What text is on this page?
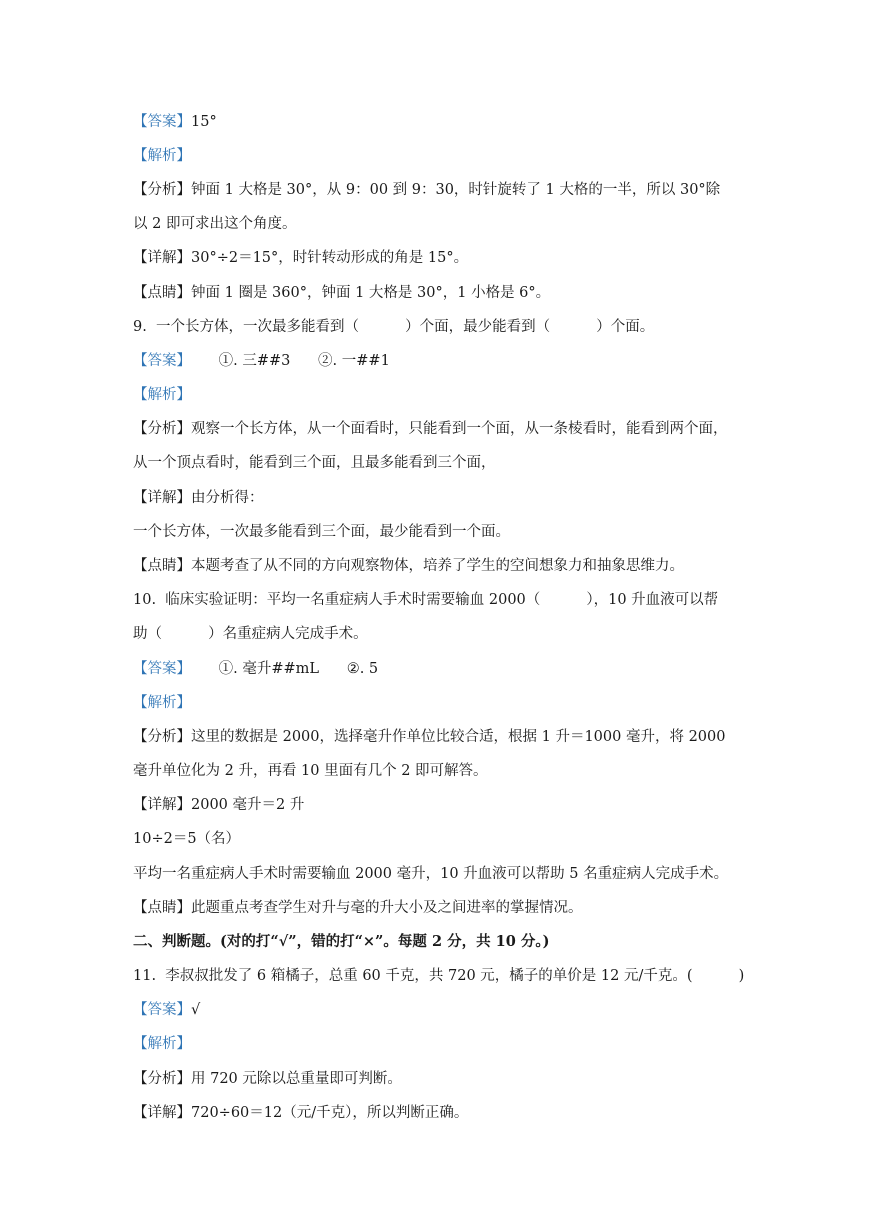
【答案】15°
【解析】
【分析】钟面 1 大格是 30°，从 9：00 到 9：30，时针旋转了 1 大格的一半，所以 30°除
以 2 即可求出这个角度。
【详解】30°÷2＝15°，时针转动形成的角是 15°。
【点睛】钟面 1 圈是 360°，钟面 1 大格是 30°，1 小格是 6°。
9.  一个长方体，一次最多能看到（          ）个面，最少能看到（          ）个面。
【答案】      ①. 三##3      ②. 一##1
【解析】
【分析】观察一个长方体，从一个面看时，只能看到一个面，从一条棱看时，能看到两个面，
从一个顶点看时，能看到三个面，且最多能看到三个面，
【详解】由分析得：
一个长方体，一次最多能看到三个面，最少能看到一个面。
【点睛】本题考查了从不同的方向观察物体，培养了学生的空间想象力和抽象思维力。
10.  临床实验证明：平均一名重症病人手术时需要输血 2000（          ），10 升血液可以帮
助（          ）名重症病人完成手术。
【答案】      ①. 毫升##mL      ②. 5
【解析】
【分析】这里的数据是 2000，选择毫升作单位比较合适，根据 1 升＝1000 毫升，将 2000
毫升单位化为 2 升，再看 10 里面有几个 2 即可解答。
【详解】2000 毫升＝2 升
10÷2＝5（名）
平均一名重症病人手术时需要输血 2000 毫升，10 升血液可以帮助 5 名重症病人完成手术。
【点睛】此题重点考查学生对升与毫的升大小及之间进率的掌握情况。
二、判断题。(对的打“√”，错的打“×”。每题 2 分，共 10 分。)
11.  李叔叔批发了 6 箱橘子，总重 60 千克，共 720 元，橘子的单价是 12 元/千克。(          )
【答案】√
【解析】
【分析】用 720 元除以总重量即可判断。
【详解】720÷60＝12（元/千克），所以判断正确。
